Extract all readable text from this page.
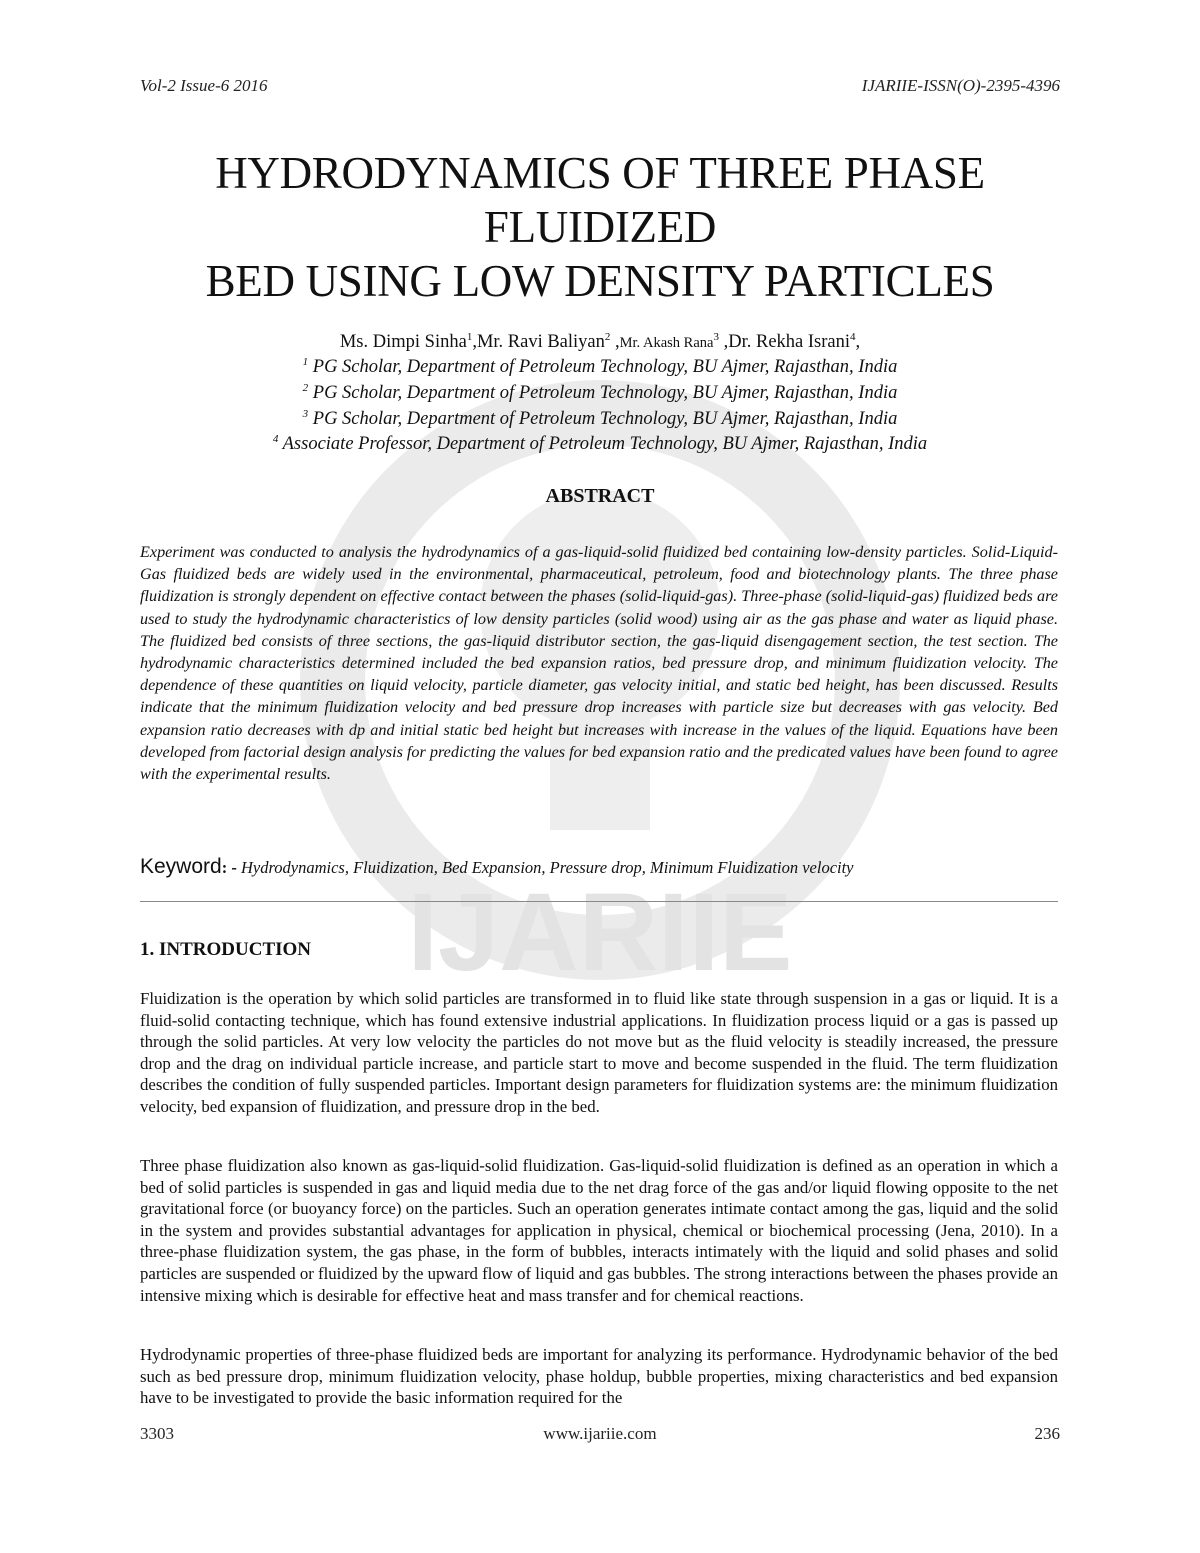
IJARIIE
Vol-2 Issue-6 2016	IJARIIE-ISSN(O)-2395-4396
HYDRODYNAMICS OF THREE PHASE
FLUIDIZED
BED USING LOW DENSITY PARTICLES
Ms. Dimpi Sinha$^1$,Mr. Ravi Baliyan$^2$ ,Mr. Akash Rana$^3$ ,Dr. Rekha Israni$^4$,
$^1$ PG Scholar, Department of Petroleum Technology, BU Ajmer, Rajasthan, India
$^2$ PG Scholar, Department of Petroleum Technology, BU Ajmer, Rajasthan, India
$^3$ PG Scholar, Department of Petroleum Technology, BU Ajmer, Rajasthan, India
$^4$ Associate Professor, Department of Petroleum Technology, BU Ajmer, Rajasthan, India
ABSTRACT

Experiment was conducted to analysis the hydrodynamics of a gas-liquid-solid fluidized bed containing low-density particles. Solid-Liquid-Gas fluidized beds are widely used in the environmental, pharmaceutical, petroleum, food and biotechnology plants. The three phase fluidization is strongly dependent on effective contact between the phases (solid-liquid-gas). Three-phase (solid-liquid-gas) fluidized beds are used to study the hydrodynamic characteristics of low density particles (solid wood) using air as the gas phase and water as liquid phase. The fluidized bed consists of three sections, the gas-liquid distributor section, the gas-liquid disengagement section, the test section. The hydrodynamic characteristics determined included the bed expansion ratios, bed pressure drop, and minimum fluidization velocity. The dependence of these quantities on liquid velocity, particle diameter, gas velocity initial, and static bed height, has been discussed. Results indicate that the minimum fluidization velocity and bed pressure drop increases with particle size but decreases with gas velocity. Bed expansion ratio decreases with dp and initial static bed height but increases with increase in the values of the liquid. Equations have been developed from factorial design analysis for predicting the values for bed expansion ratio and the predicated values have been found to agree with the experimental results.

Keyword: - Hydrodynamics, Fluidization, Bed Expansion, Pressure drop, Minimum Fluidization velocity
1. INTRODUCTION

Fluidization is the operation by which solid particles are transformed in to fluid like state through suspension in a gas or liquid. It is a fluid-solid contacting technique, which has found extensive industrial applications. In fluidization process liquid or a gas is passed up through the solid particles. At very low velocity the particles do not move but as the fluid velocity is steadily increased, the pressure drop and the drag on individual particle increase, and particle start to move and become suspended in the fluid. The term fluidization describes the condition of fully suspended particles. Important design parameters for fluidization systems are: the minimum fluidization velocity, bed expansion of fluidization, and pressure drop in the bed.

Three phase fluidization also known as gas-liquid-solid fluidization. Gas-liquid-solid fluidization is defined as an operation in which a bed of solid particles is suspended in gas and liquid media due to the net drag force of the gas and/or liquid flowing opposite to the net gravitational force (or buoyancy force) on the particles. Such an operation generates intimate contact among the gas, liquid and the solid in the system and provides substantial advantages for application in physical, chemical or biochemical processing (Jena, 2010). In a three-phase fluidization system, the gas phase, in the form of bubbles, interacts intimately with the liquid and solid phases and solid particles are suspended or fluidized by the upward flow of liquid and gas bubbles. The strong interactions between the phases provide an intensive mixing which is desirable for effective heat and mass transfer and for chemical reactions.

Hydrodynamic properties of three-phase fluidized beds are important for analyzing its performance. Hydrodynamic behavior of the bed such as bed pressure drop, minimum fluidization velocity, phase holdup, bubble properties, mixing characteristics and bed expansion have to be investigated to provide the basic information required for the

3303	www.ijariie.com	236
